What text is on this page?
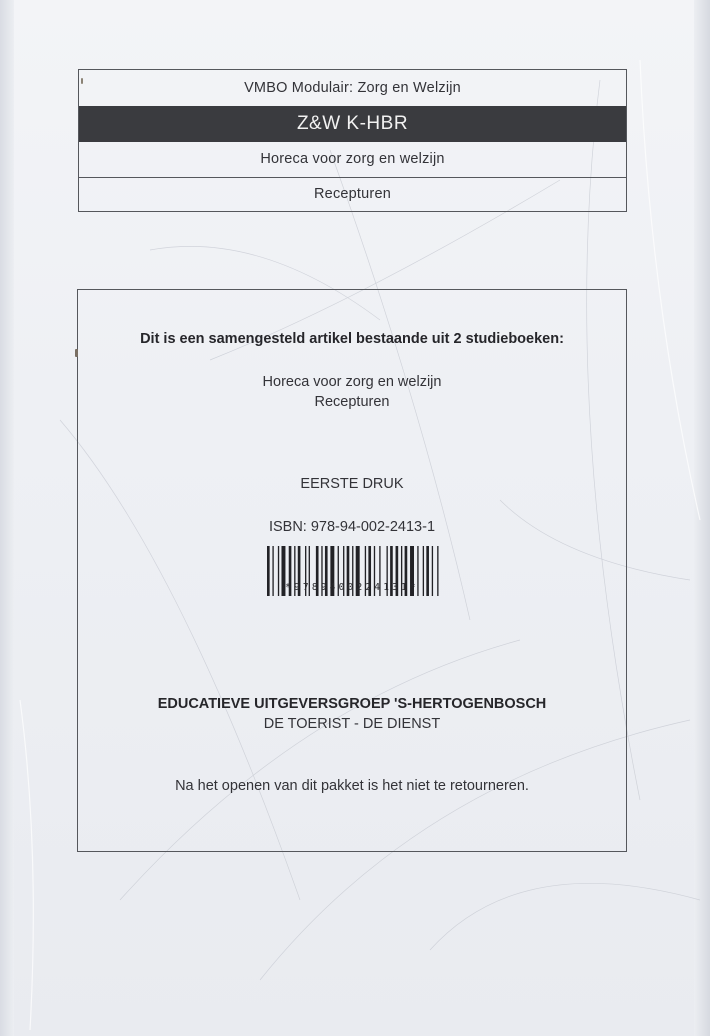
VMBO Modulair: Zorg en Welzijn
Z&W K-HBR
Horeca voor zorg en welzijn
Recepturen
Dit is een samengesteld artikel bestaande uit 2 studieboeken:
Horeca voor zorg en welzijn
Recepturen
EERSTE DRUK
ISBN: 978-94-002-2413-1
*9789400224131*
EDUCATIEVE UITGEVERSGROEP 'S-HERTOGENBOSCH
DE TOERIST - DE DIENST
Na het openen van dit pakket is het niet te retourneren.
